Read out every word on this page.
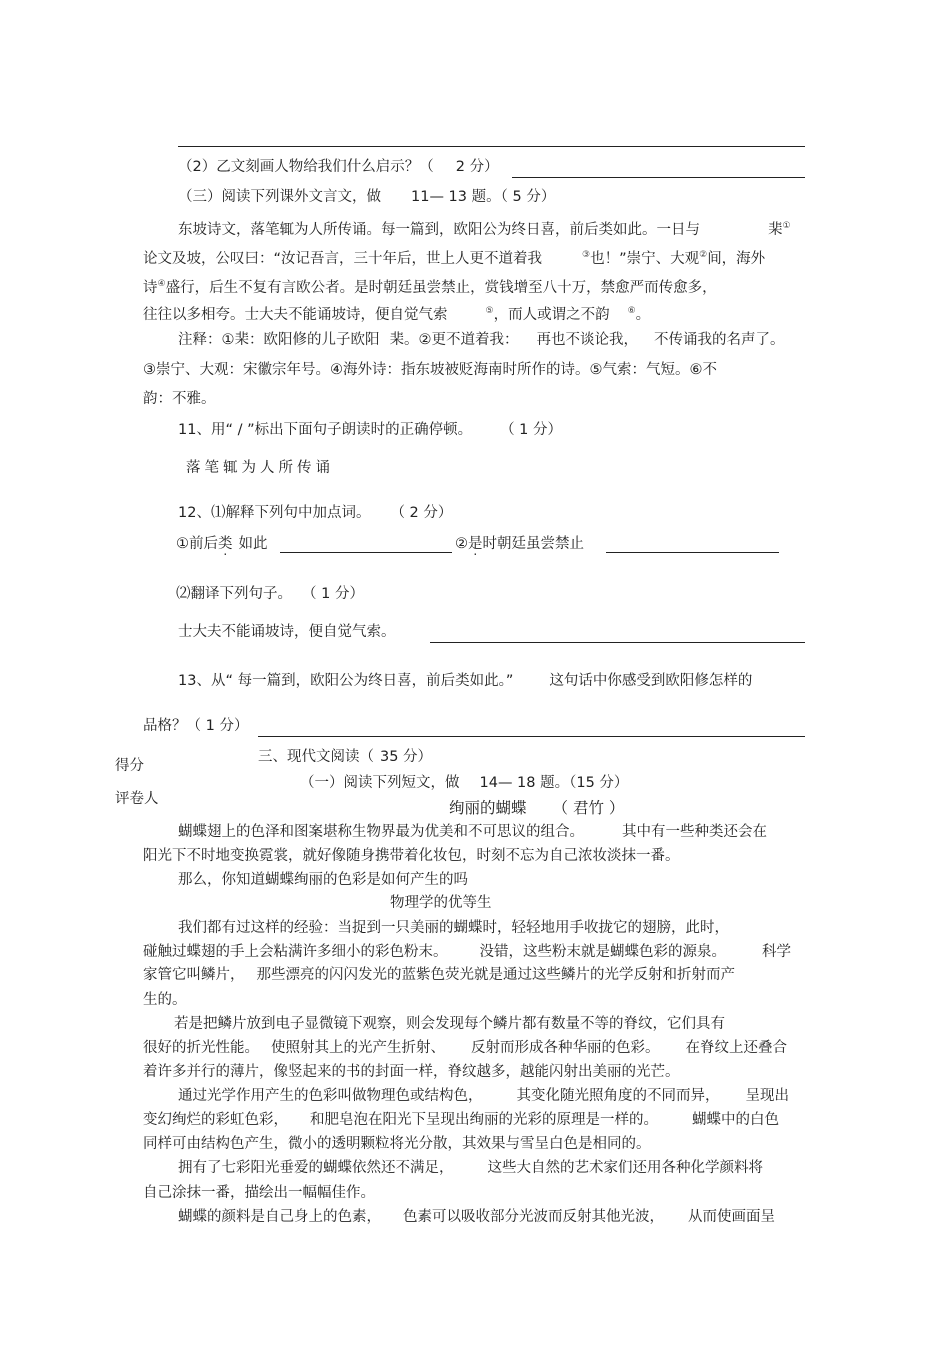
（2）乙文刻画人物给我们什么启示？（ 2 分）
（三）阅读下列课外文言文，做 11— 13 题。（ 5 分）
东坡诗文，落笔辄为人所传诵。每一篇到，欧阳公为终日喜，前后类如此。一日与	棐①
论文及坡，公叹曰：“汝记吾言，三十年后，世上人更不道着我	③也！”崇宁、大观②间，海外
诗④盛行，后生不复有言欧公者。是时朝廷虽尝禁止，赏钱增至八十万，禁愈严而传愈多，
往往以多相夸。士大夫不能诵坡诗，便自觉气索	⑤，而人或谓之不韵 ⑥。
注释：①棐：欧阳修的儿子欧阳 棐。②更不道着我： 再也不谈论我， 不传诵我的名声了。
③崇宁、大观：宋徽宗年号。④海外诗：指东坡被贬海南时所作的诗。⑤气索：气短。⑥不
韵：不雅。
11、用“ / ”标出下面句子朗读时的正确停顿。 （ 1 分）
落笔辄为人所传诵
12、⑴解释下列句中加点词。 （ 2 分）
①前后类 如此	②是时朝廷虽尝禁止
⑵翻译下列句子。 （ 1 分）
士大夫不能诵坡诗，便自觉气索。
13、从“ 每一篇到，欧阳公为终日喜，前后类如此。” 这句话中你感受到欧阳修怎样的
品格？（ 1 分）
得分
评卷人
三、现代文阅读（ 35 分）
（一）阅读下列短文，做 14— 18 题。（15 分）
绚丽的蝴蝶 （ 君竹 ）
蝴蝶翅上的色泽和图案堪称生物界最为优美和不可思议的组合。	其中有一些种类还会在
阳光下不时地变换霓裳，就好像随身携带着化妆包，时刻不忘为自己浓妆淡抹一番。
那么，你知道蝴蝶绚丽的色彩是如何产生的吗
物理学的优等生
我们都有过这样的经验：当捉到一只美丽的蝴蝶时，轻轻地用手收拢它的翅膀，此时，
碰触过蝶翅的手上会粘满许多细小的彩色粉末。 没错，这些粉末就是蝴蝶色彩的源泉。 科学
家管它叫鳞片， 那些漂亮的闪闪发光的蓝紫色荧光就是通过这些鳞片的光学反射和折射而产
生的。
若是把鳞片放到电子显微镜下观察，则会发现每个鳞片都有数量不等的脊纹，它们具有
很好的折光性能。 使照射其上的光产生折射、 反射而形成各种华丽的色彩。 在脊纹上还叠合
着许多并行的薄片，像竖起来的书的封面一样，脊纹越多，越能闪射出美丽的光芒。
通过光学作用产生的色彩叫做物理色或结构色， 其变化随光照角度的不同而异， 呈现出
变幻绚烂的彩虹色彩， 和肥皂泡在阳光下呈现出绚丽的光彩的原理是一样的。 蝴蝶中的白色
同样可由结构色产生，微小的透明颗粒将光分散，其效果与雪呈白色是相同的。
拥有了七彩阳光垂爱的蝴蝶依然还不满足， 这些大自然的艺术家们还用各种化学颜料将
自己涂抹一番，描绘出一幅幅佳作。
蝴蝶的颜料是自己身上的色素， 色素可以吸收部分光波而反射其他光波， 从而使画面呈
